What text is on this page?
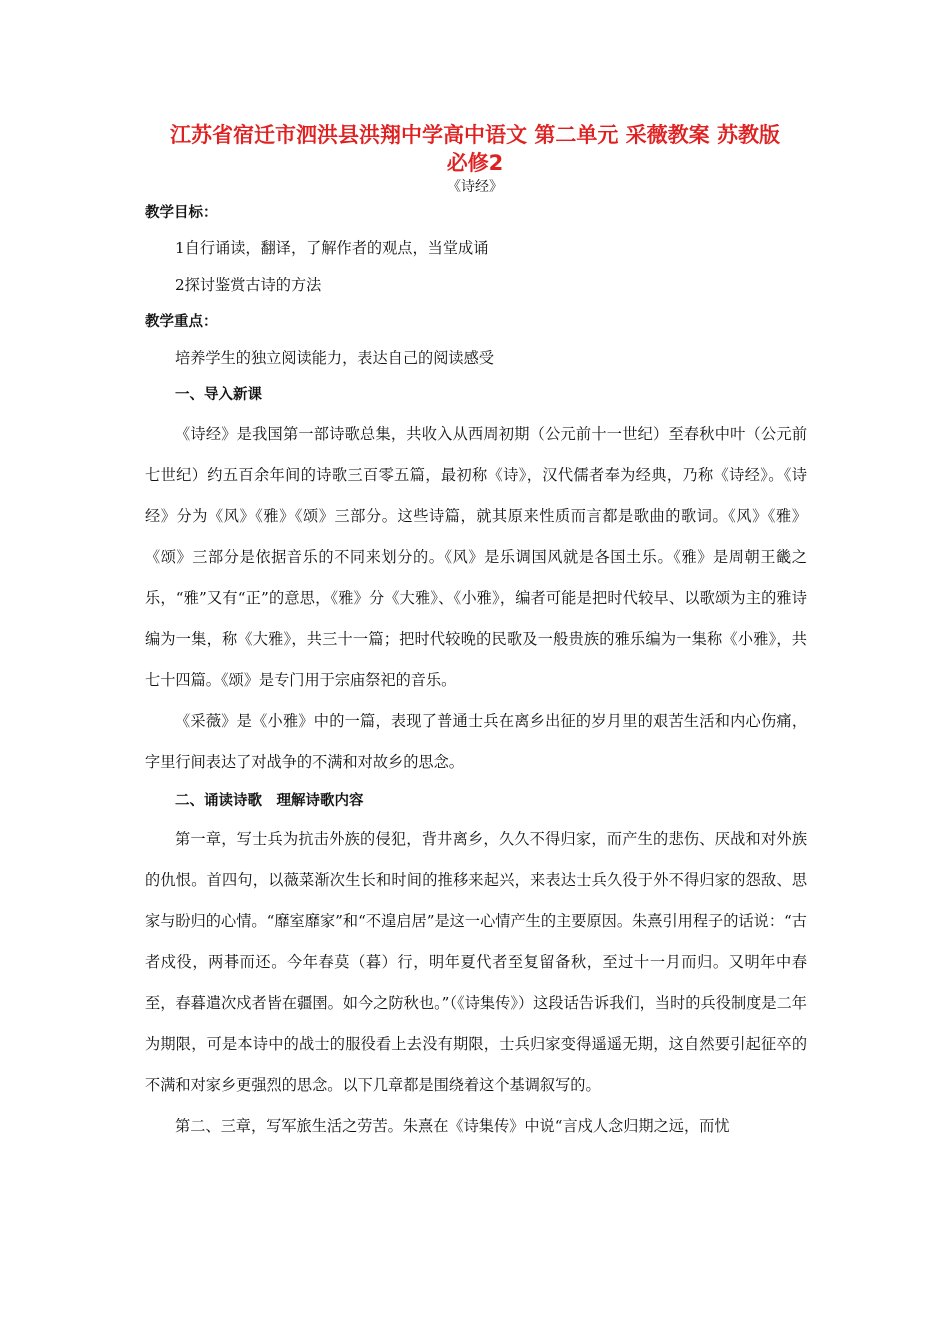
江苏省宿迁市泗洪县洪翔中学高中语文 第二单元 采薇教案 苏教版
必修2
《诗经》
教学目标：
1自行诵读，翻译，了解作者的观点，当堂成诵
2探讨鉴赏古诗的方法
教学重点：
培养学生的独立阅读能力，表达自己的阅读感受
一、导入新课

《诗经》是我国第一部诗歌总集，共收入从西周初期（公元前十一世纪）至春秋中叶（公元前七世纪）约五百余年间的诗歌三百零五篇，最初称《诗》，汉代儒者奉为经典，乃称《诗经》。《诗经》分为《风》《雅》《颂》三部分。这些诗篇，就其原来性质而言都是歌曲的歌词。《风》《雅》《颂》三部分是依据音乐的不同来划分的。《风》是乐调国风就是各国土乐。《雅》是周朝王畿之乐，“雅”又有“正”的意思，《雅》分《大雅》、《小雅》，编者可能是把时代较早、以歌颂为主的雅诗编为一集，称《大雅》，共三十一篇；把时代较晚的民歌及一般贵族的雅乐编为一集称《小雅》，共七十四篇。《颂》是专门用于宗庙祭祀的音乐。

《采薇》是《小雅》中的一篇，表现了普通士兵在离乡出征的岁月里的艰苦生活和内心伤痛，字里行间表达了对战争的不满和对故乡的思念。

二、诵读诗歌　理解诗歌内容

第一章，写士兵为抗击外族的侵犯，背井离乡，久久不得归家，而产生的悲伤、厌战和对外族的仇恨。首四句，以薇菜渐次生长和时间的推移来起兴，来表达士兵久役于外不得归家的怨敌、思家与盼归的心情。“靡室靡家”和“不遑启居”是这一心情产生的主要原因。朱熹引用程子的话说：“古者戍役，两朞而还。今年春莫（暮）行，明年夏代者至复留备秋，至过十一月而归。又明年中春至，春暮遣次戍者皆在疆圉。如今之防秋也。”（《诗集传》）这段话告诉我们，当时的兵役制度是二年为期限，可是本诗中的战士的服役看上去没有期限，士兵归家变得遥遥无期，这自然要引起征卒的不满和对家乡更强烈的思念。以下几章都是围绕着这个基调叙写的。

第二、三章，写军旅生活之劳苦。朱熹在《诗集传》中说“言戍人念归期之远，而忧
